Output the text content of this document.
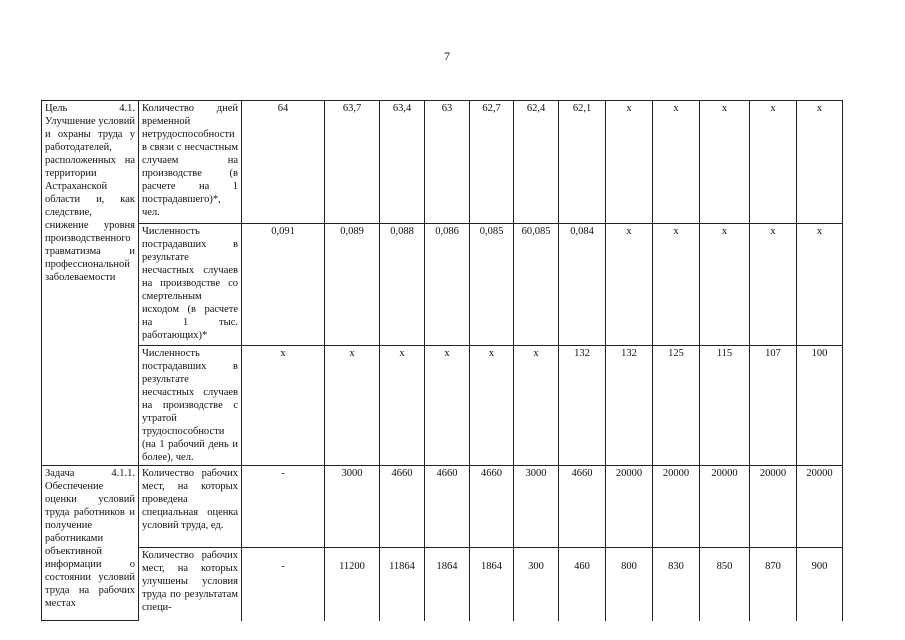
7
Цель 4.1. Улучшение условий и охраны труда у работодателей, расположенных на территории Астраханской области и, как следствие, снижение уровня производственного травматизма и профессиональной заболеваемости	Количество дней временной нетрудоспособности в связи с несчастным случаем на производстве (в расчете на 1 пострадавшего)*, чел.	64	63,7	63,4	63	62,7	62,4	62,1	x	x	x	x	x
	Численность пострадавших в результате несчастных случаев на производстве со смертельным исходом (в расчете на 1 тыс. работающих)*	0,091	0,089	0,088	0,086	0,085	60,085	0,084	x	x	x	x	x
	Численность пострадавших в результате несчастных случаев на производстве с утратой трудоспособности (на 1 рабочий день и более), чел.	x	x	x	x	x	x	132	132	125	115	107	100
Задача 4.1.1. Обеспечение оценки условий труда работников и получение работниками объективной информации о состоянии условий труда на рабочих местах	Количество рабочих мест, на которых проведена специальная оценка условий труда, ед.	-	3000	4660	4660	4660	3000	4660	20000	20000	20000	20000	20000
	Количество рабочих мест, на которых улучшены условия труда по результатам специ-	-	11200	11864	1864	1864	300	460	800	830	850	870	900
